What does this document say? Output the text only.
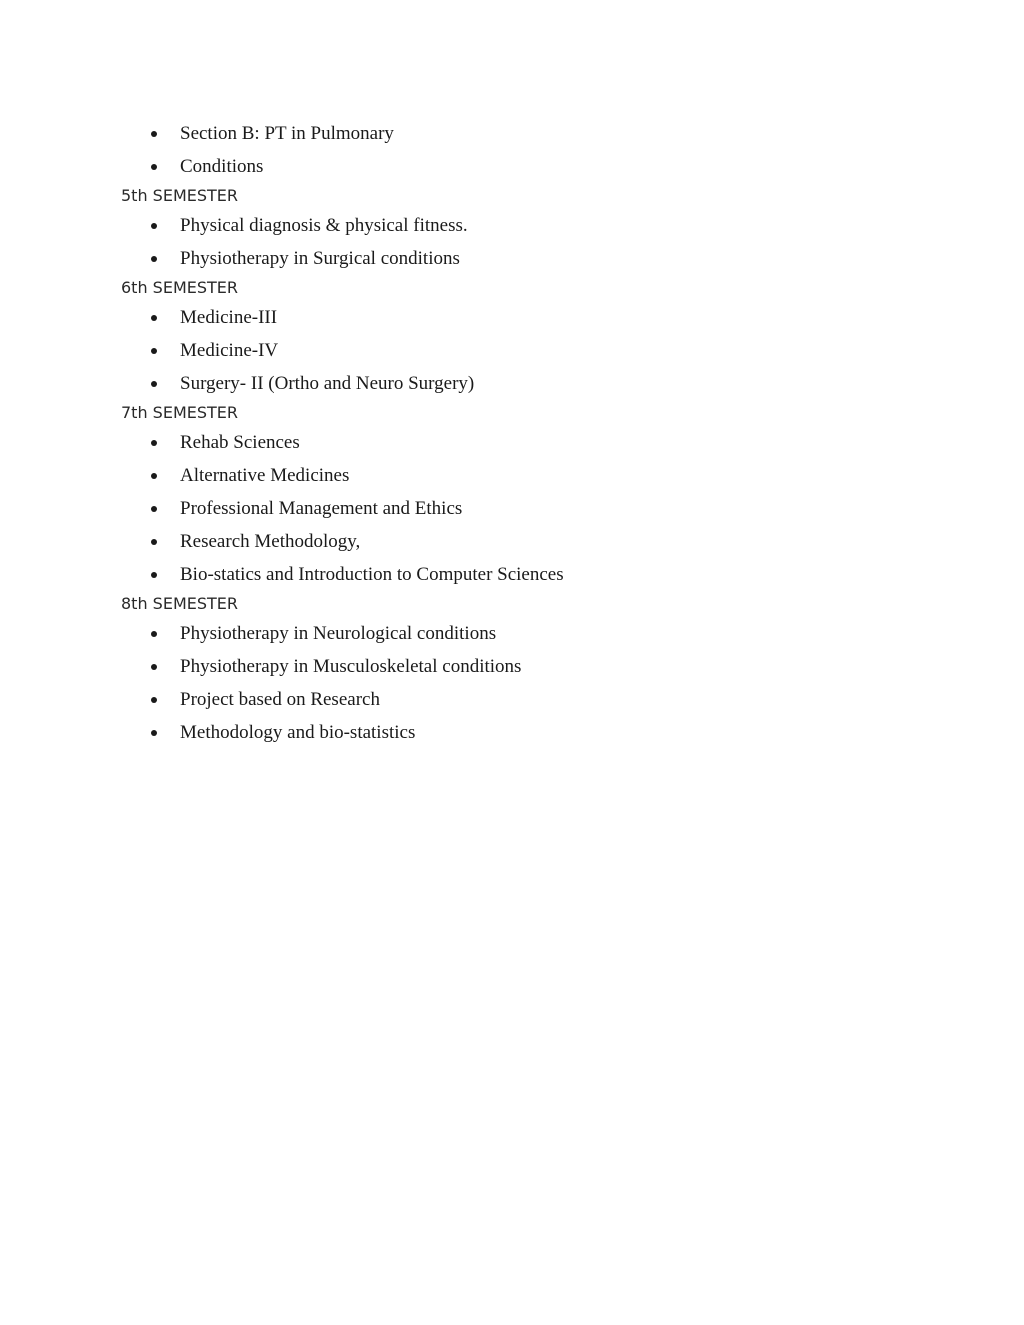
Section B: PT in Pulmonary
Conditions
5th SEMESTER
Physical diagnosis & physical fitness.
Physiotherapy in Surgical conditions
6th SEMESTER
Medicine-III
Medicine-IV
Surgery- II (Ortho and Neuro Surgery)
7th SEMESTER
Rehab Sciences
Alternative Medicines
Professional Management and Ethics
Research Methodology,
Bio-statics and Introduction to Computer Sciences
8th SEMESTER
Physiotherapy in Neurological conditions
Physiotherapy in Musculoskeletal conditions
Project based on Research
Methodology and bio-statistics
